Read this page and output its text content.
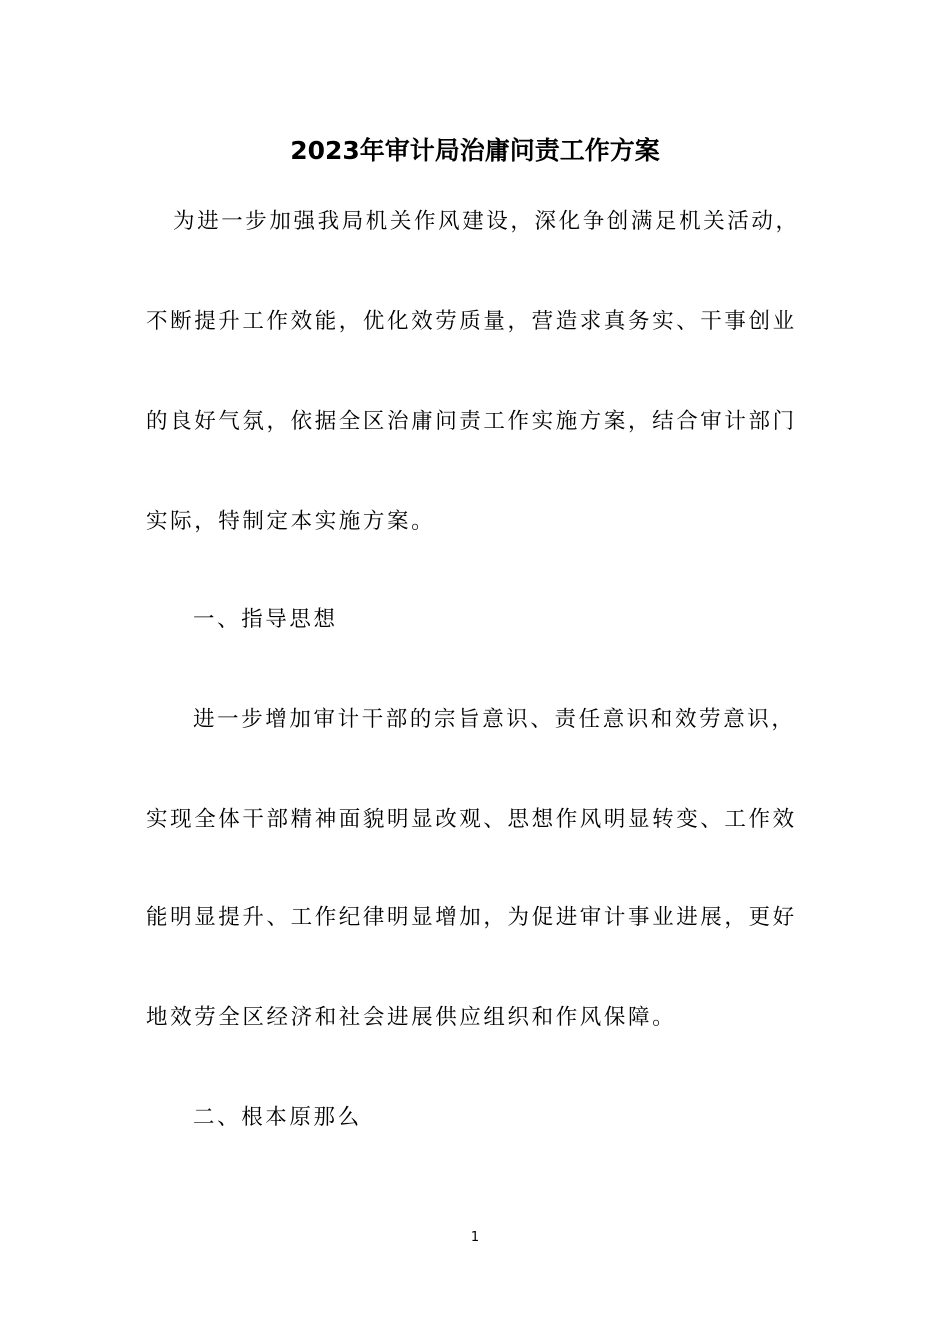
2023年审计局治庸问责工作方案
为进一步加强我局机关作风建设，深化争创满足机关活动，
不断提升工作效能，优化效劳质量，营造求真务实、干事创业
的良好气氛，依据全区治庸问责工作实施方案，结合审计部门
实际，特制定本实施方案。
一、指导思想
进一步增加审计干部的宗旨意识、责任意识和效劳意识，
实现全体干部精神面貌明显改观、思想作风明显转变、工作效
能明显提升、工作纪律明显增加，为促进审计事业进展，更好
地效劳全区经济和社会进展供应组织和作风保障。
二、根本原那么
1
